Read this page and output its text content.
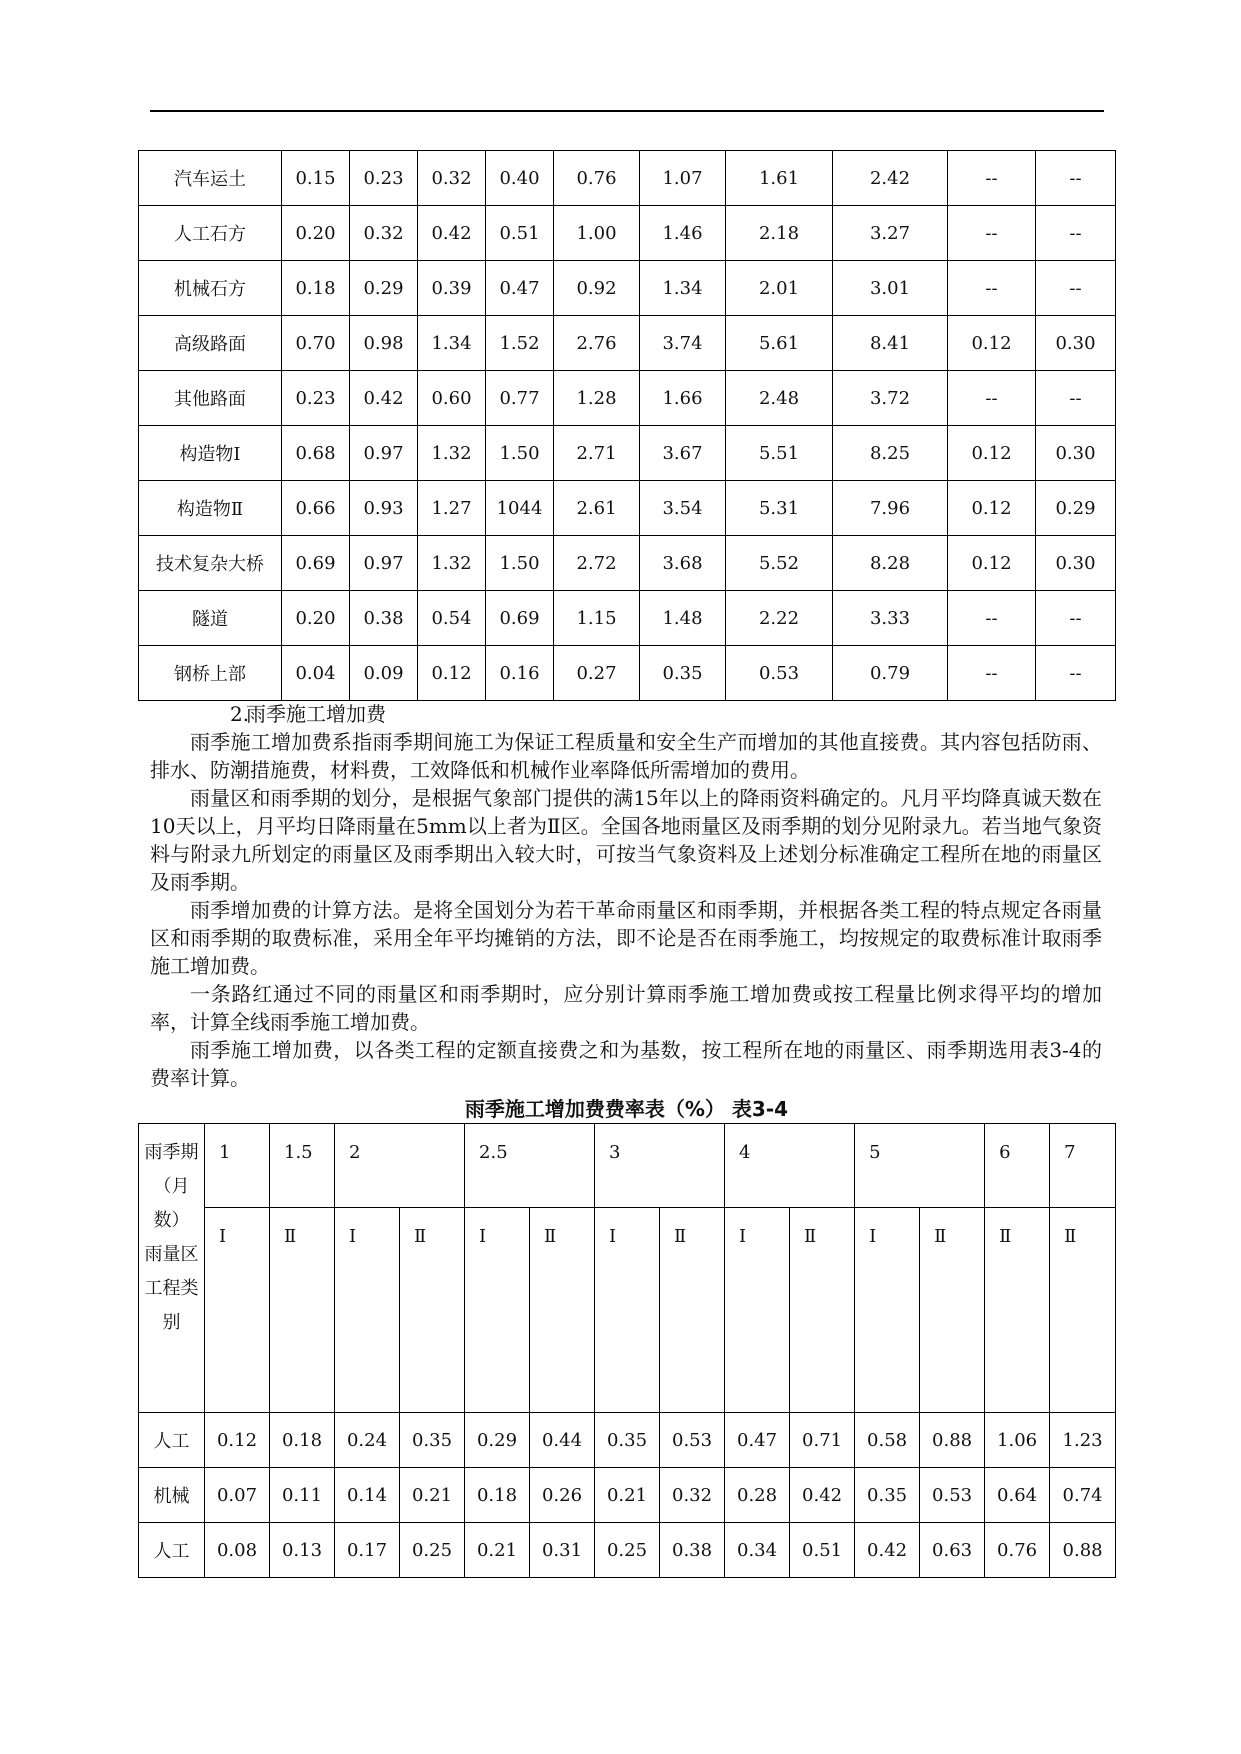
汽车运土	0.15	0.23	0.32	0.40	0.76	1.07	1.61	2.42	--	--
人工石方	0.20	0.32	0.42	0.51	1.00	1.46	2.18	3.27	--	--
机械石方	0.18	0.29	0.39	0.47	0.92	1.34	2.01	3.01	--	--
高级路面	0.70	0.98	1.34	1.52	2.76	3.74	5.61	8.41	0.12	0.30
其他路面	0.23	0.42	0.60	0.77	1.28	1.66	2.48	3.72	--	--
构造物Ⅰ	0.68	0.97	1.32	1.50	2.71	3.67	5.51	8.25	0.12	0.30
构造物Ⅱ	0.66	0.93	1.27	1044	2.61	3.54	5.31	7.96	0.12	0.29
技术复杂大桥	0.69	0.97	1.32	1.50	2.72	3.68	5.52	8.28	0.12	0.30
隧道	0.20	0.38	0.54	0.69	1.15	1.48	2.22	3.33	--	--
钢桥上部	0.04	0.09	0.12	0.16	0.27	0.35	0.53	0.79	--	--

2.雨季施工增加费

雨季施工增加费系指雨季期间施工为保证工程质量和安全生产而增加的其他直接费。其内容包括防雨、排水、防潮措施费，材料费，工效降低和机械作业率降低所需增加的费用。

雨量区和雨季期的划分，是根据气象部门提供的满15年以上的降雨资料确定的。凡月平均降真诚天数在10天以上，月平均日降雨量在5mm以上者为Ⅱ区。全国各地雨量区及雨季期的划分见附录九。若当地气象资料与附录九所划定的雨量区及雨季期出入较大时，可按当气象资料及上述划分标准确定工程所在地的雨量区及雨季期。

雨季增加费的计算方法。是将全国划分为若干革命雨量区和雨季期，并根据各类工程的特点规定各雨量区和雨季期的取费标准，采用全年平均摊销的方法，即不论是否在雨季施工，均按规定的取费标准计取雨季施工增加费。

一条路红通过不同的雨量区和雨季期时，应分别计算雨季施工增加费或按工程量比例求得平均的增加率，计算全线雨季施工增加费。

雨季施工增加费，以各类工程的定额直接费之和为基数，按工程所在地的雨量区、雨季期选用表3-4的费率计算。

雨季施工增加费费率表（%） 表3-4
雨季期
（月数）
雨量区
工程类别	1	1.5	2		2.5		3		4		5		6	7
	Ⅰ	Ⅱ	Ⅰ	Ⅱ	Ⅰ	Ⅱ	Ⅰ	Ⅱ	Ⅰ	Ⅱ	Ⅰ	Ⅱ	Ⅱ	Ⅱ
人工	0.12	0.18	0.24	0.35	0.29	0.44	0.35	0.53	0.47	0.71	0.58	0.88	1.06	1.23
机械	0.07	0.11	0.14	0.21	0.18	0.26	0.21	0.32	0.28	0.42	0.35	0.53	0.64	0.74
人工	0.08	0.13	0.17	0.25	0.21	0.31	0.25	0.38	0.34	0.51	0.42	0.63	0.76	0.88
